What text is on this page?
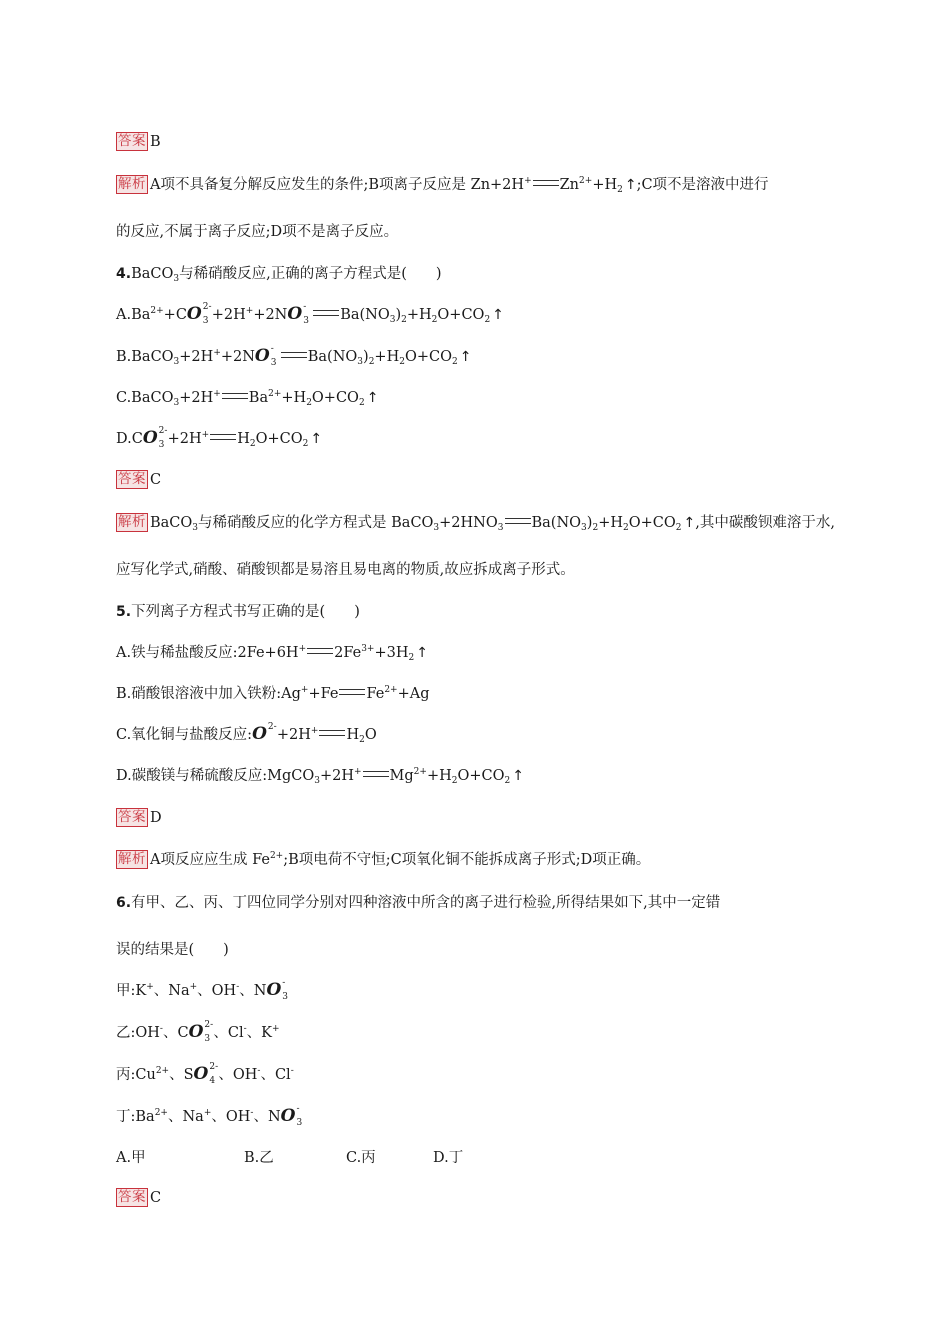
答案 B
解析 A项不具备复分解反应发生的条件;B项离子反应是 Zn+2H+ $Zn^{2+}+H_2$ ↑;C项不是溶液中进行
的反应,不属于离子反应;D项不是离子反应。
4.BaCO$_3$与稀硝酸反应,正确的离子方程式是(　　)
$A.Ba^{2+}+CO$ 2-
3 +2H++2NO -
3 $Ba(NO_3)_2+H_2O+CO_2$ ↑
B.BaCO$_3$+2H++2NO -
3 $Ba(NO_3)_2+H_2O+CO_2$ ↑
C.BaCO$_3$+2H+ $Ba^{2+}+H_2O+CO_2$ ↑
D.CO 2-
3 +2H+ $H_2O+CO_2$ ↑
答案 C
解析 BaCO$_3$与稀硝酸反应的化学方程式是 $BaCO_3+2HNO_3$ $Ba(NO_3)_2+H_2O+CO_2$ ↑,其中碳酸钡难溶于水,
应写化学式,硝酸、硝酸钡都是易溶且易电离的物质,故应拆成离子形式。
5.下列离子方程式书写正确的是(　　)
A.铁与稀盐酸反应:2Fe+6H+ $2Fe^{3+}+3H_2$ ↑
B.硝酸银溶液中加入铁粉:Ag++Fe $Fe^{2+}+Ag$
C.氧化铜与盐酸反应:O 2- +2H+ $H_2O$
D.碳酸镁与稀硫酸反应:MgCO$_3$+2H+ $Mg^{2+}+H_2O+CO_2$ ↑
答案 D
解析 A项反应应生成 $Fe^{2+};B$项电荷不守恒;C项氧化铜不能拆成离子形式;D项正确。
6.有甲、乙、丙、丁四位同学分别对四种溶液中所含的离子进行检验,所得结果如下,其中一定错
误的结果是(　　)
甲:K+、Na+、OH-、NO -
3
乙:OH-、CO 2-
3 、Cl-、K+
丙$:Cu^{2+}$、SO 2-
4 、OH-、Cl-
丁$:Ba^{2+}$、Na+、OH-、NO -
3
A.甲	B.乙	C.丙	D.丁
答案 C
